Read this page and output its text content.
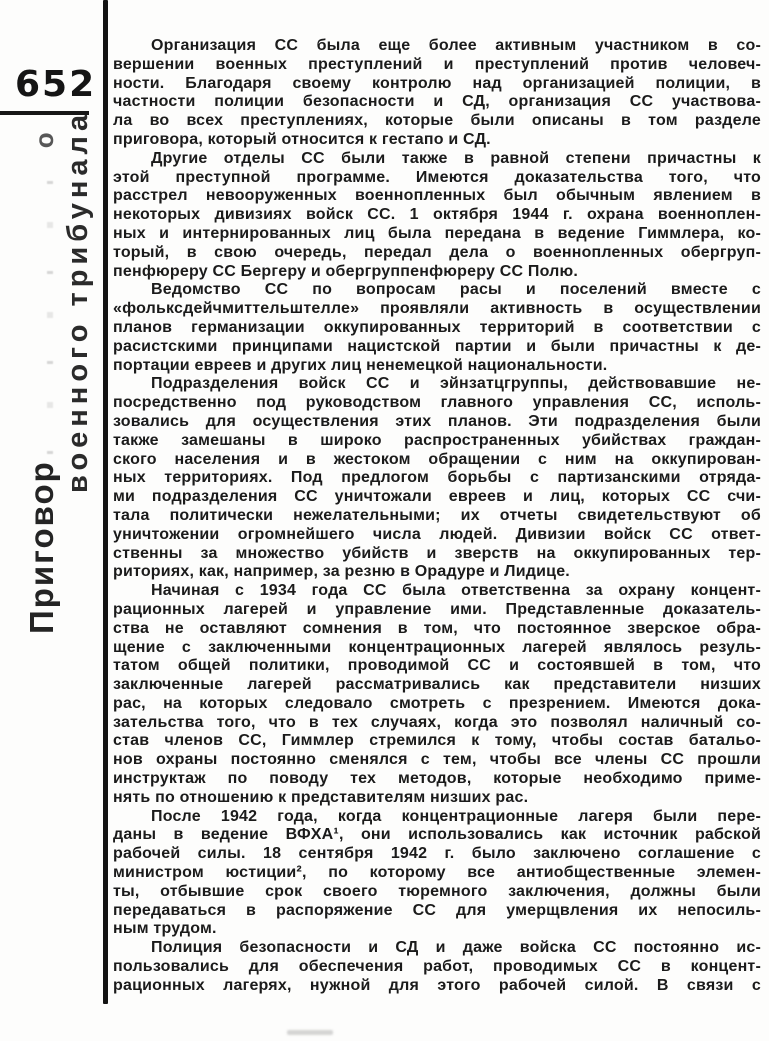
652
Приговоро военного трибунала
Организация СС была еще более активным участником в со-
вершении военных преступлений и преступлений против человеч-
ности. Благодаря своему контролю над организацией полиции, в
частности полиции безопасности и СД, организация СС участвова-
ла во всех преступлениях, которые были описаны в том разделе
приговора, который относится к гестапо и СД.
Другие отделы СС были также в равной степени причастны к
этой преступной программе. Имеются доказательства того, что
расстрел невооруженных военнопленных был обычным явлением в
некоторых дивизиях войск СС. 1 октября 1944 г. охрана военноплен-
ных и интернированных лиц была передана в ведение Гиммлера, ко-
торый, в свою очередь, передал дела о военнопленных обергруп-
пенфюреру СС Бергеру и обергруппенфюреру СС Полю.
Ведомство СС по вопросам расы и поселений вместе с
«фольксдейчмиттельштелле» проявляли активность в осуществлении
планов германизации оккупированных территорий в соответствии с
расистскими принципами нацистской партии и были причастны к де-
портации евреев и других лиц ненемецкой национальности.
Подразделения войск СС и эйнзатцгруппы, действовавшие не-
посредственно под руководством главного управления СС, исполь-
зовались для осуществления этих планов. Эти подразделения были
также замешаны в широко распространенных убийствах граждан-
ского населения и в жестоком обращении с ним на оккупирован-
ных территориях. Под предлогом борьбы с партизанскими отряда-
ми подразделения СС уничтожали евреев и лиц, которых СС счи-
тала политически нежелательными; их отчеты свидетельствуют об
уничтожении огромнейшего числа людей. Дивизии войск СС ответ-
ственны за множество убийств и зверств на оккупированных тер-
риториях, как, например, за резню в Орадуре и Лидице.
Начиная с 1934 года СС была ответственна за охрану концент-
рационных лагерей и управление ими. Представленные доказатель-
ства не оставляют сомнения в том, что постоянное зверское обра-
щение с заключенными концентрационных лагерей являлось резуль-
татом общей политики, проводимой СС и состоявшей в том, что
заключенные лагерей рассматривались как представители низших
рас, на которых следовало смотреть с презрением. Имеются дока-
зательства того, что в тех случаях, когда это позволял наличный со-
став членов СС, Гиммлер стремился к тому, чтобы состав батальо-
нов охраны постоянно сменялся с тем, чтобы все члены СС прошли
инструктаж по поводу тех методов, которые необходимо приме-
нять по отношению к представителям низших рас.
После 1942 года, когда концентрационные лагеря были пере-
даны в ведение ВФХА¹, они использовались как источник рабской
рабочей силы. 18 сентября 1942 г. было заключено соглашение с
министром юстиции², по которому все антиобщественные элемен-
ты, отбывшие срок своего тюремного заключения, должны были
передаваться в распоряжение СС для умерщвления их непосиль-
ным трудом.
Полиция безопасности и СД и даже войска СС постоянно ис-
пользовались для обеспечения работ, проводимых СС в концент-
рационных лагерях, нужной для этого рабочей силой. В связи с
